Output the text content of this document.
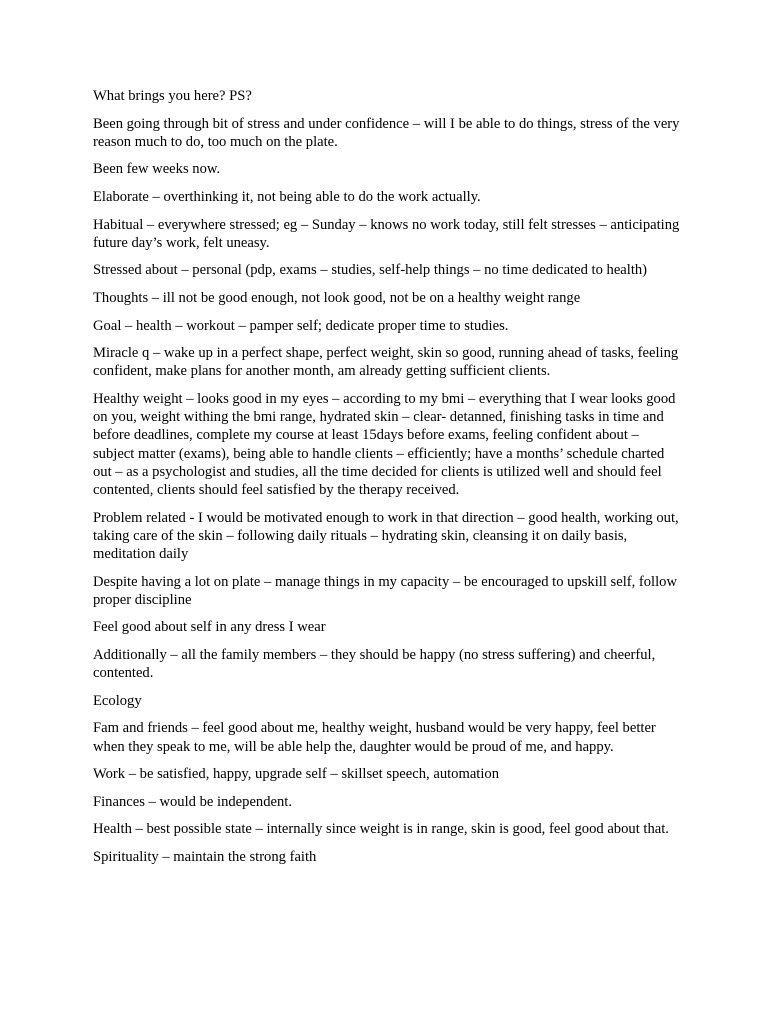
What brings you here? PS?

Been going through bit of stress and under confidence – will I be able to do things, stress of the very reason much to do, too much on the plate.

Been few weeks now.

Elaborate – overthinking it, not being able to do the work actually.

Habitual – everywhere stressed; eg – Sunday – knows no work today, still felt stresses – anticipating future day’s work, felt uneasy.

Stressed about – personal (pdp, exams – studies, self-help things – no time dedicated to health)

Thoughts – ill not be good enough, not look good, not be on a healthy weight range

Goal – health – workout – pamper self; dedicate proper time to studies.

Miracle q – wake up in a perfect shape, perfect weight, skin so good, running ahead of tasks, feeling confident, make plans for another month, am already getting sufficient clients.

Healthy weight – looks good in my eyes – according to my bmi – everything that I wear looks good on you, weight withing the bmi range, hydrated skin – clear- detanned, finishing tasks in time and before deadlines, complete my course at least 15days before exams, feeling confident about – subject matter (exams), being able to handle clients – efficiently; have a months’ schedule charted out – as a psychologist and studies, all the time decided for clients is utilized well and should feel contented, clients should feel satisfied by the therapy received.

Problem related - I would be motivated enough to work in that direction – good health, working out, taking care of the skin – following daily rituals – hydrating skin, cleansing it on daily basis, meditation daily

Despite having a lot on plate – manage things in my capacity – be encouraged to upskill self, follow proper discipline

Feel good about self in any dress I wear

Additionally – all the family members – they should be happy (no stress suffering) and cheerful, contented.

Ecology

Fam and friends – feel good about me, healthy weight, husband would be very happy, feel better when they speak to me, will be able help the, daughter would be proud of me, and happy.

Work – be satisfied, happy, upgrade self – skillset speech, automation

Finances – would be independent.

Health – best possible state – internally since weight is in range, skin is good, feel good about that.

Spirituality – maintain the strong faith
